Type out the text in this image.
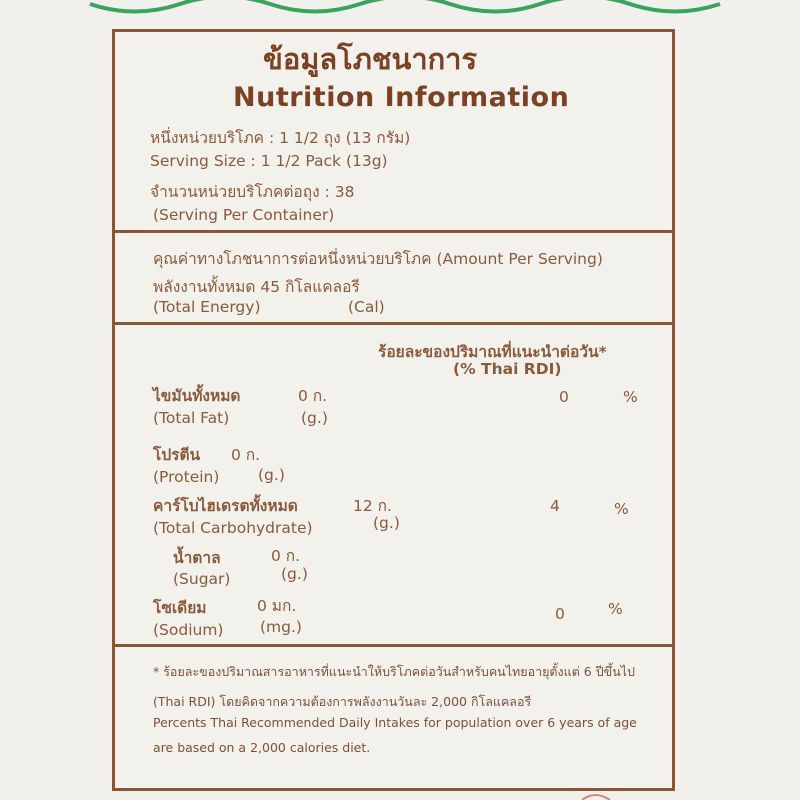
ข้อมูลโภชนาการ
Nutrition Information
หนึ่งหน่วยบริโภค : 1 1/2 ถุง (13 กรัม)
Serving Size : 1 1/2 Pack (13g)
จำนวนหน่วยบริโภคต่อถุง : 38
(Serving Per Container)
คุณค่าทางโภชนาการต่อหนึ่งหน่วยบริโภค (Amount Per Serving)
พลังงานทั้งหมด 45 กิโลแคลอรี
(Total Energy)	(Cal)
ร้อยละของปริมาณที่แนะนำต่อวัน*
(% Thai RDI)
ไขมันทั้งหมด	0 ก.
(Total Fat)	(g.)
0	%
โปรตีน 0 ก.
(Protein) (g.)
คาร์โบไฮเดรตทั้งหมด	12 ก.
(Total Carbohydrate)	(g.)
4	%
น้ำตาล	0 ก.
(Sugar)	(g.)
โซเดียม	0 มก.
(Sodium) (mg.)
0	%
* ร้อยละของปริมาณสารอาหารที่แนะนำให้บริโภคต่อวันสำหรับคนไทยอายุตั้งแต่ 6 ปีขึ้นไป
(Thai RDI) โดยคิดจากความต้องการพลังงานวันละ 2,000 กิโลแคลอรี
Percents Thai Recommended Daily Intakes for population over 6 years of age
are based on a 2,000 calories diet.
